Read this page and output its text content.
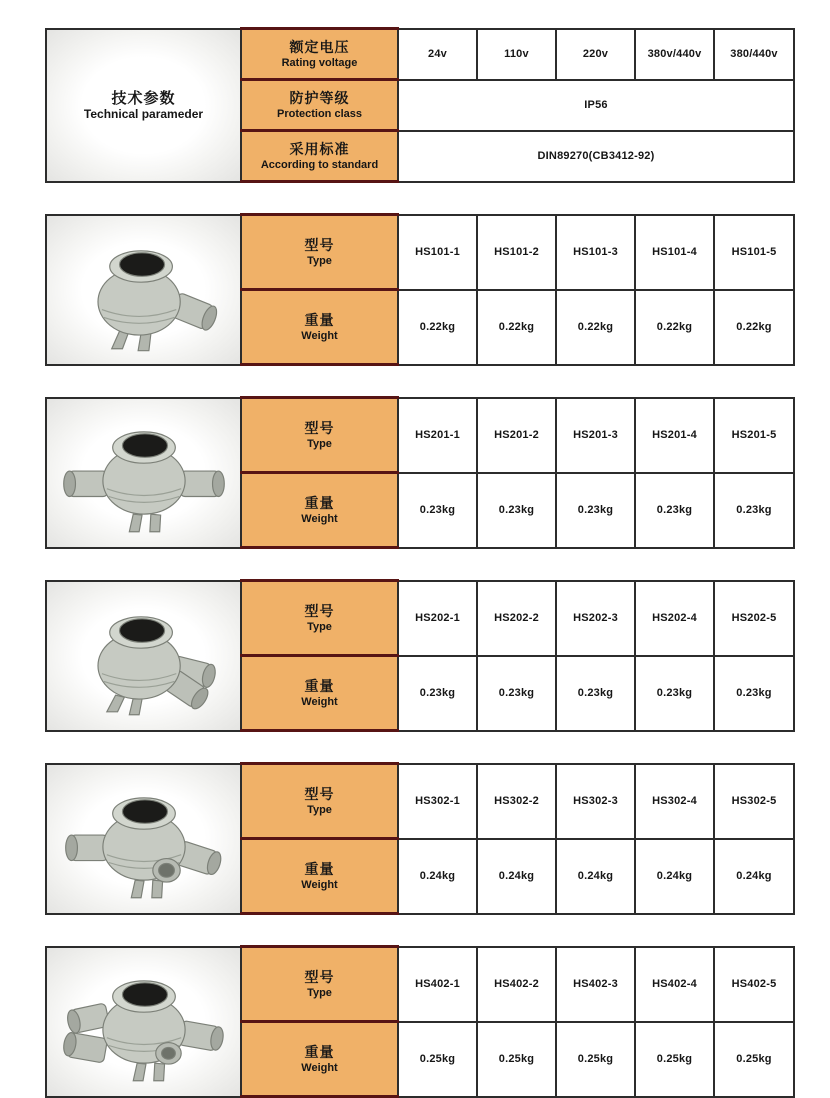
技术参数
Technical parameder

额定电压
Rating voltage
	24v	110v	220v	380v/440v	380/440v

	防护等级
Protection class	IP56				

	采用标准
According to standard	DIN89270(CB3412-92)				

型号
Type	HS101-1	HS101-2	HS101-3	HS101-4	HS101-5

	重量
Weight	0.22kg	0.22kg	0.22kg	0.22kg	0.22kg

型号
Type	HS201-1	HS201-2	HS201-3	HS201-4	HS201-5

	重量
Weight	0.23kg	0.23kg	0.23kg	0.23kg	0.23kg

型号
Type	HS202-1	HS202-2	HS202-3	HS202-4	HS202-5

	重量
Weight	0.23kg	0.23kg	0.23kg	0.23kg	0.23kg

型号
Type	HS302-1	HS302-2	HS302-3	HS302-4	HS302-5

	重量
Weight	0.24kg	0.24kg	0.24kg	0.24kg	0.24kg

型号
Type	HS402-1	HS402-2	HS402-3	HS402-4	HS402-5

	重量
Weight	0.25kg	0.25kg	0.25kg	0.25kg	0.25kg
